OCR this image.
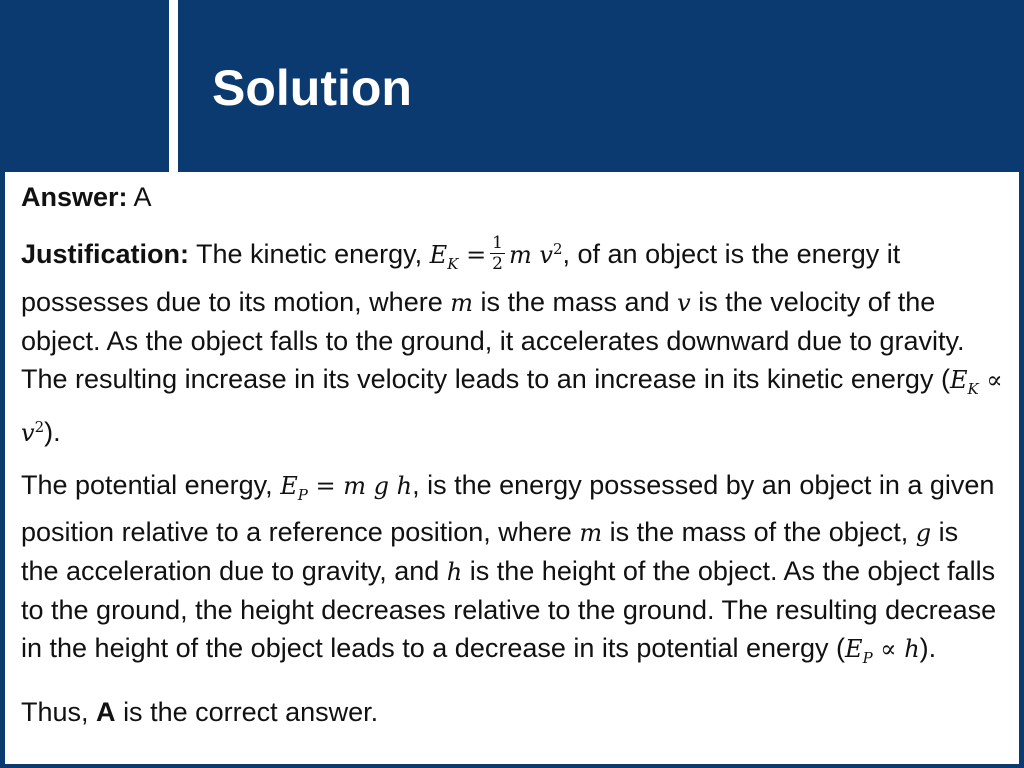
Solution

Answer: A

Justification: The kinetic energy, $E_K = \frac{1}{2}$ m $v^2$, of an object is the energy it possesses due to its motion, where m is the mass and v is the velocity of the object. As the object falls to the ground, it accelerates downward due to gravity. The resulting increase in its velocity leads to an increase in its kinetic energy $(E_K \propto v^2)$.

The potential energy, $E_P = m$ g h, is the energy possessed by an object in a given position relative to a reference position, where m is the mass of the object, g is the acceleration due to gravity, and h is the height of the object. As the object falls to the ground, the height decreases relative to the ground. The resulting decrease in the height of the object leads to a decrease in its potential energy $(E_P \propto h)$.

Thus, A is the correct answer.
